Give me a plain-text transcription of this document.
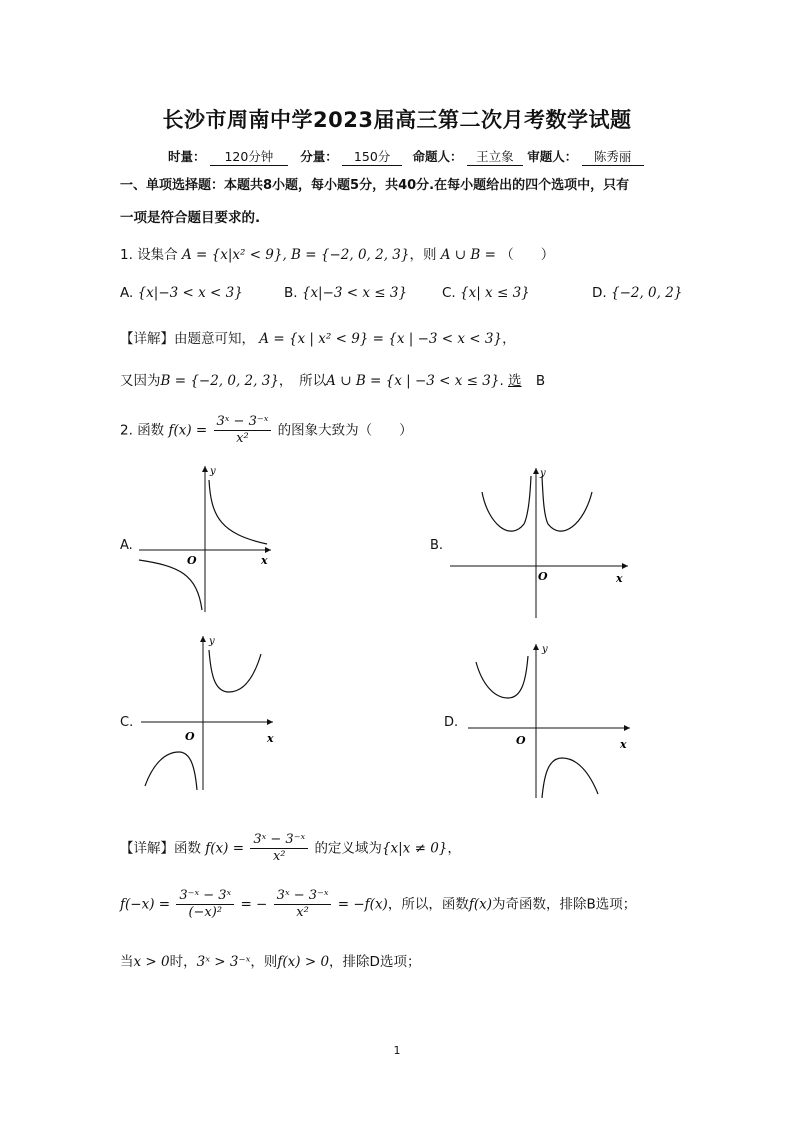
长沙市周南中学2023届高三第二次月考数学试题
时量： 120分钟 分量： 150分 命题人： 王立象 审题人： 陈秀丽
一、单项选择题：本题共8小题，每小题5分，共40分.在每小题给出的四个选项中，只有
一项是符合题目要求的.
1. 设集合 A = {x|x² < 9}, B = {−2, 0, 2, 3}，则 A ∪ B = （　　）
A. {x|−3 < x < 3}	B. {x|−3 < x ≤ 3}	C. {x| x ≤ 3}	D. {−2, 0, 2}
【详解】由题意可知， A = {x | x² < 9} = {x | −3 < x < 3}，
又因为B = {−2, 0, 2, 3}，　所以A ∪ B = {x | −3 < x ≤ 3}. 选 B
2. 函数 $f(x) = \frac{\text{3ˣ − 3⁻ˣ}}{\text{x²}}$ 的图象大致为（　　）
A.	B.
C.	D.
y
x
O
y
x
O
y
x
O
y
x
O
【详解】函数 $f(x) = \frac{\text{3ˣ − 3⁻ˣ}}{\text{x²}}$ 的定义域为{x|x ≠ 0}，
$f(-x) = \frac{\text{3⁻ˣ − 3ˣ}}{\text{(−x)²}}$ = − $\frac{\text{3ˣ − 3⁻ˣ}}{\text{x²}} = -f(x)$，所以，函数f(x)为奇函数，排除B选项；
当x > 0时，3ˣ > 3⁻ˣ，则f(x) > 0，排除D选项；
1
